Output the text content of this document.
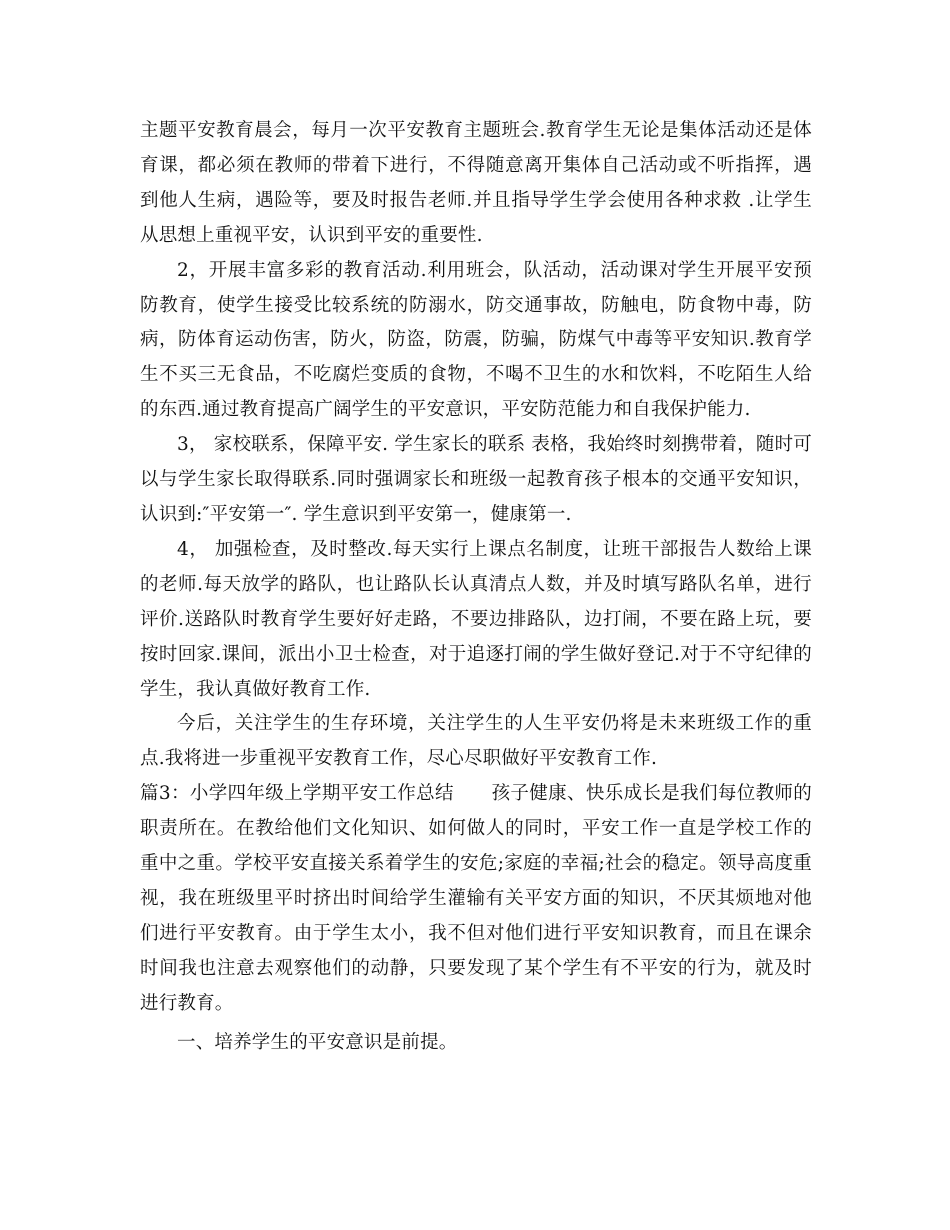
主题平安教育晨会，每月一次平安教育主题班会.教育学生无论是集体活动还是体育课，都必须在教师的带着下进行，不得随意离开集体自己活动或不听指挥，遇到他人生病，遇险等，要及时报告老师.并且指导学生学会使用各种求救 .让学生从思想上重视平安，认识到平安的重要性.

2，开展丰富多彩的教育活动.利用班会，队活动，活动课对学生开展平安预防教育，使学生接受比较系统的防溺水，防交通事故，防触电，防食物中毒，防病，防体育运动伤害，防火，防盗，防震，防骗，防煤气中毒等平安知识.教育学生不买三无食品，不吃腐烂变质的食物，不喝不卫生的水和饮料，不吃陌生人给的东西.通过教育提高广阔学生的平安意识，平安防范能力和自我保护能力.

3， 家校联系，保障平安. 学生家长的联系 表格，我始终时刻携带着，随时可以与学生家长取得联系.同时强调家长和班级一起教育孩子根本的交通平安知识，认识到:″平安第一″. 学生意识到平安第一，健康第一.

4， 加强检查，及时整改.每天实行上课点名制度，让班干部报告人数给上课的老师.每天放学的路队，也让路队长认真清点人数，并及时填写路队名单，进行评价.送路队时教育学生要好好走路，不要边排路队，边打闹，不要在路上玩，要按时回家.课间，派出小卫士检查，对于追逐打闹的学生做好登记.对于不守纪律的学生，我认真做好教育工作.

今后，关注学生的生存环境，关注学生的人生平安仍将是未来班级工作的重点.我将进一步重视平安教育工作，尽心尽职做好平安教育工作.

篇3：小学四年级上学期平安工作总结　　孩子健康、快乐成长是我们每位教师的职责所在。在教给他们文化知识、如何做人的同时，平安工作一直是学校工作的重中之重。学校平安直接关系着学生的安危;家庭的幸福;社会的稳定。领导高度重视，我在班级里平时挤出时间给学生灌输有关平安方面的知识，不厌其烦地对他们进行平安教育。由于学生太小，我不但对他们进行平安知识教育，而且在课余时间我也注意去观察他们的动静，只要发现了某个学生有不平安的行为，就及时进行教育。

一、培养学生的平安意识是前提。
